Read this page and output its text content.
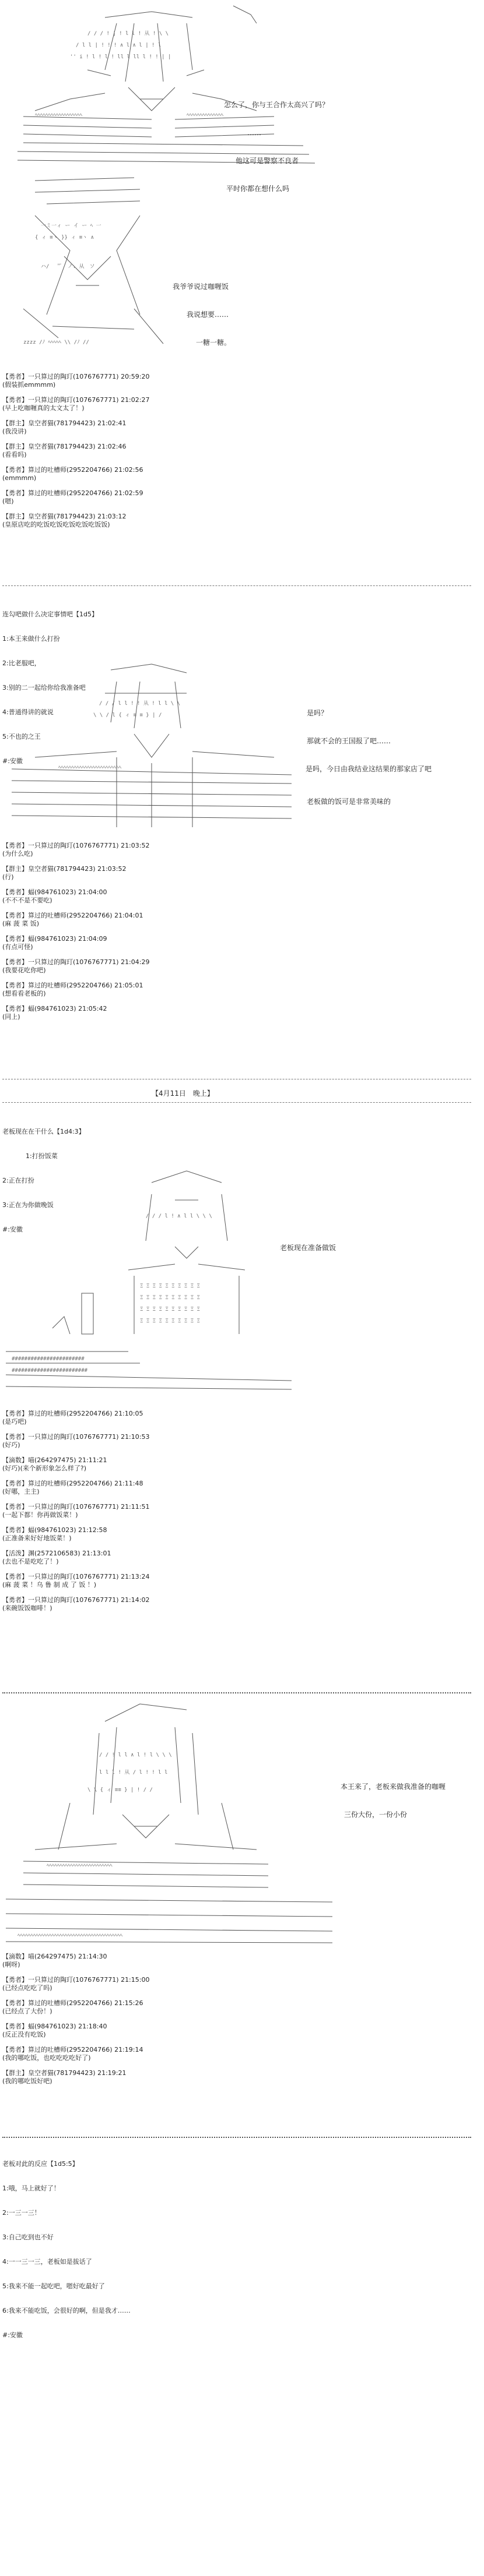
/ / / ! | ! l l ! 从 ! \ \
/ l l | ! ! ! ∧ l ∧ l | ! l
'' i ! l ! l ! ll l ll l ! ! | |
ﾍﾍﾍﾍﾍﾍﾍﾍﾍﾍﾍﾍﾍﾍﾍﾍﾍﾍ	ﾍﾍﾍﾍﾍﾍﾍﾍﾍﾍﾍﾍﾍﾍ

怎么了，你与王合作太高兴了吗？

……

他这可是警察不良者

平时你都在想什么吗

一ミ一ィ ー イ ー ﾍ 一
{ ィ ≡ヽ }} ィ ≡ヽ ∧
ハ/　 "ﾞ　ノ. 从　ソ
zzzz /ﾉ ﾍﾍﾍﾍﾍ \\ /ﾉ //

我爷爷说过咖喱饭

我说想要……

一糖一糖。

【勇者】一只算过的陶玎(1076767771) 20:59:20
(假装抓emmmm)
【勇者】一只算过的陶玎(1076767771) 21:02:27
(早上吃咖喱真的太文太了！)
【群主】皇空者猫(781794423) 21:02:41
(我没讲)
【群主】皇空者猫(781794423) 21:02:46
(看看吗)
【勇者】算过的吐槽师(2952204766) 21:02:56
(emmmm)
【勇者】算过的吐槽师(2952204766) 21:02:59
(嗯)
【群主】皇空者猫(781794423) 21:03:12
(皇原店吃的吃饭吃饭吃饭吃饭吃饭饭)

连勾吧做什么决定事情吧【1d5】

1:本王来做什么打扮

2:比老服吧，

3:别的二一起给你给我准备吧

4:普通得讲的就说

5:不也的之王

#:安徽

/ / / l l ! ! 从 ! l l \ \
\ \ / l { ィ ≡ ≡ } | /
ﾍﾍﾍﾍﾍﾍﾍﾍﾍﾍﾍﾍﾍﾍﾍﾍﾍﾍﾍﾍﾍﾍﾍﾍ

是吗？

那就不会的王国报了吧……

是吗，今日由我结业这结果的那家店了吧

老板做的饭可是非常美味的

【勇者】一只算过的陶玎(1076767771) 21:03:52
(为什么吃)
【群主】皇空者猫(781794423) 21:03:52
(行)
【勇者】蝠(984761023) 21:04:00
(不不不是不要吃)
【勇者】算过的吐槽师(2952204766) 21:04:01
(麻 菠 菜 饭)
【勇者】蝠(984761023) 21:04:09
(有点可怪)
【勇者】一只算过的陶玎(1076767771) 21:04:29
(我要花吃你吧)
【勇者】算过的吐槽师(2952204766) 21:05:01
(想看看老板的)
【勇者】蝠(984761023) 21:05:42
(同上)
【4月11日　晚上】

老板现在在干什么【1d4:3】

1:打扮饭菜

2:正在打扮

3:正在为你做晚饭

#:安徽

/ / / l ! ∧ l l \ \ \
Ξ Ξ Ξ Ξ Ξ Ξ Ξ Ξ Ξ Ξ
Ξ Ξ Ξ Ξ Ξ Ξ Ξ Ξ Ξ Ξ
Ξ Ξ Ξ Ξ Ξ Ξ Ξ Ξ Ξ Ξ
Ξ Ξ Ξ Ξ Ξ Ξ Ξ Ξ Ξ Ξ
#######################
########################

老板现在准备做饭

【勇者】算过的吐槽师(2952204766) 21:10:05
(是巧吧)
【勇者】一只算过的陶玎(1076767771) 21:10:53
(好巧)
【滴数】喵(264297475) 21:11:21
(好巧)(来个新形象怎么样了?)
【勇者】算过的吐槽师(2952204766) 21:11:48
(好哪，主主)
【勇者】一只算过的陶玎(1076767771) 21:11:51
(一起下都！你再做饭菜！)
【勇者】蝠(984761023) 21:12:58
(正准备来好好地饭菜！)
【活泼】渊(2572106583) 21:13:01
(去也不是吃吃了！)
【勇者】一只算过的陶玎(1076767771) 21:13:24
(麻 菠 菜 ！乌 鲁 制 成 了 饭 ！)
【勇者】一只算过的陶玎(1076767771) 21:14:02
(来碗饭饭咖啡！)
/ / ! l l ∧ l ! l \ \ \
l l l ! 从 / l ! ! l l
\ \ { ィ ≡≡ } | ! / /
ﾍﾍﾍﾍﾍﾍﾍﾍﾍﾍﾍﾍﾍﾍﾍﾍﾍﾍﾍﾍﾍﾍﾍﾍﾍ
ﾍﾍﾍﾍﾍﾍﾍﾍﾍﾍﾍﾍﾍﾍﾍﾍﾍﾍﾍﾍﾍﾍﾍﾍﾍﾍﾍﾍﾍﾍﾍﾍﾍﾍﾍﾍﾍﾍﾍﾍ

本王来了，老板来做我准备的咖喱

三份大份，一份小份

【滴数】喵(264297475) 21:14:30
(啊呀)
【勇者】一只算过的陶玎(1076767771) 21:15:00
(已经点吃吃了吗)
【勇者】算过的吐槽师(2952204766) 21:15:26
(已经点了大份！)
【勇者】蝠(984761023) 21:18:40
(反正没有吃饭)
【勇者】算过的吐槽师(2952204766) 21:19:14
(我的哪吃饭，也吃吃吃吃好了)
【群主】皇空者猫(781794423) 21:19:21
(我的哪吃饭好吧)

老板对此的反应【1d5:5】

1:哦，马上就好了！

2:一三一三！

3:自己吃到也不好

4:一一三一三，老板如是拔话了

5:我来不能一起吃吧，嗯好吃最好了

6:我来不能吃饭，会很好的啊，但是我才……

#:安徽
